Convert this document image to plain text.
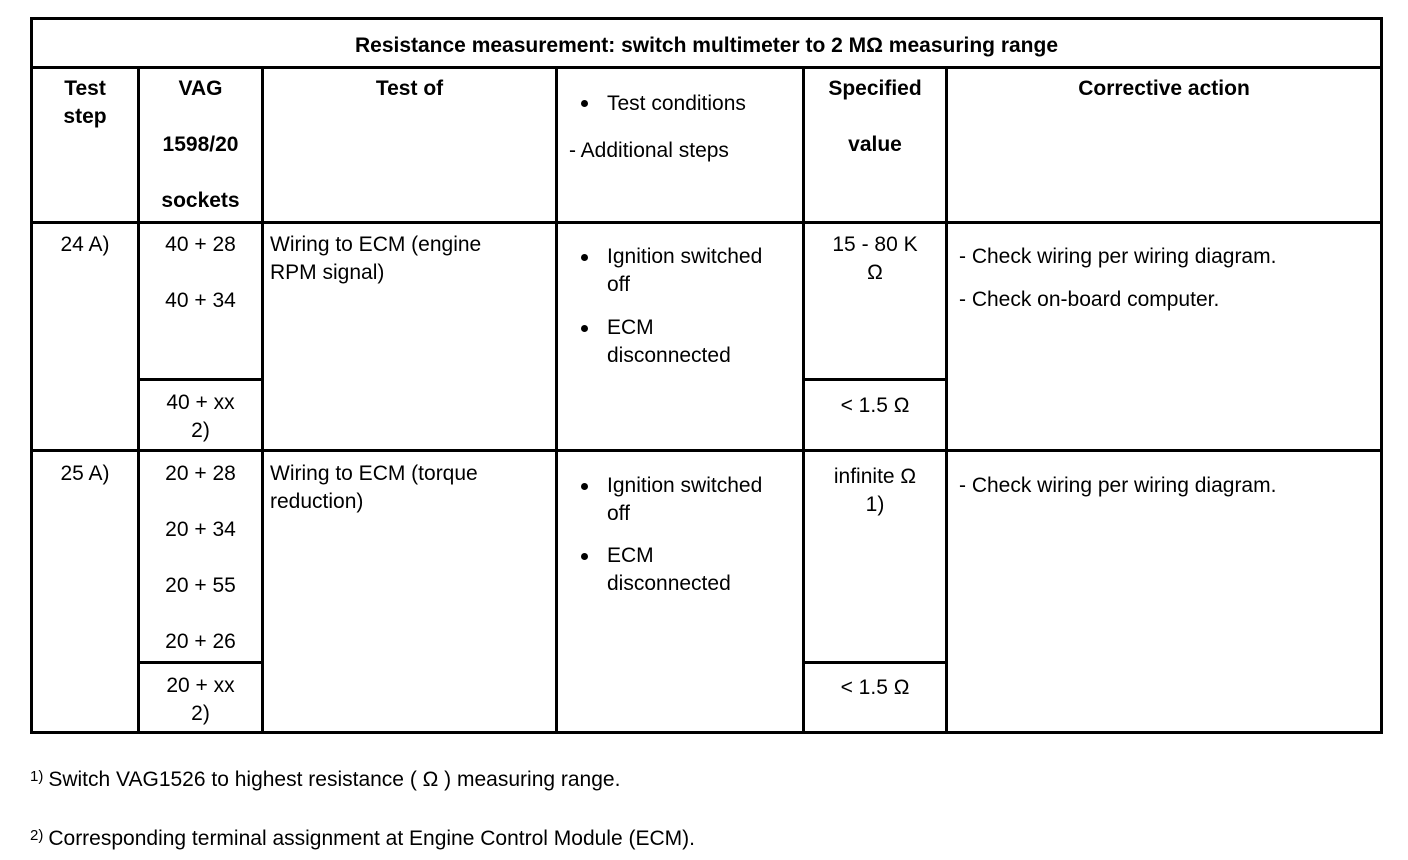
Resistance measurement: switch multimeter to 2 MΩ measuring range
Test
step
VAG
1598/20
sockets
Test of
Test conditions
- Additional steps
Specified
value
Corrective action
24 A)	40 + 28
40 + 34
40 + xx
2)
Wiring to ECM (engine
RPM signal)
Ignition switched
off
ECM
disconnected
15 - 80 K
Ω
< 1.5 Ω
- Check wiring per wiring diagram.
- Check on-board computer.
25 A)	20 + 28
20 + 34
20 + 55
20 + 26
20 + xx
2)
Wiring to ECM (torque
reduction)
Ignition switched
off
ECM
disconnected
infinite Ω
1)
< 1.5 Ω
- Check wiring per wiring diagram.
$^{1)}$ Switch VAG1526 to highest resistance ( Ω ) measuring range.
$^{2)}$ Corresponding terminal assignment at Engine Control Module (ECM).
